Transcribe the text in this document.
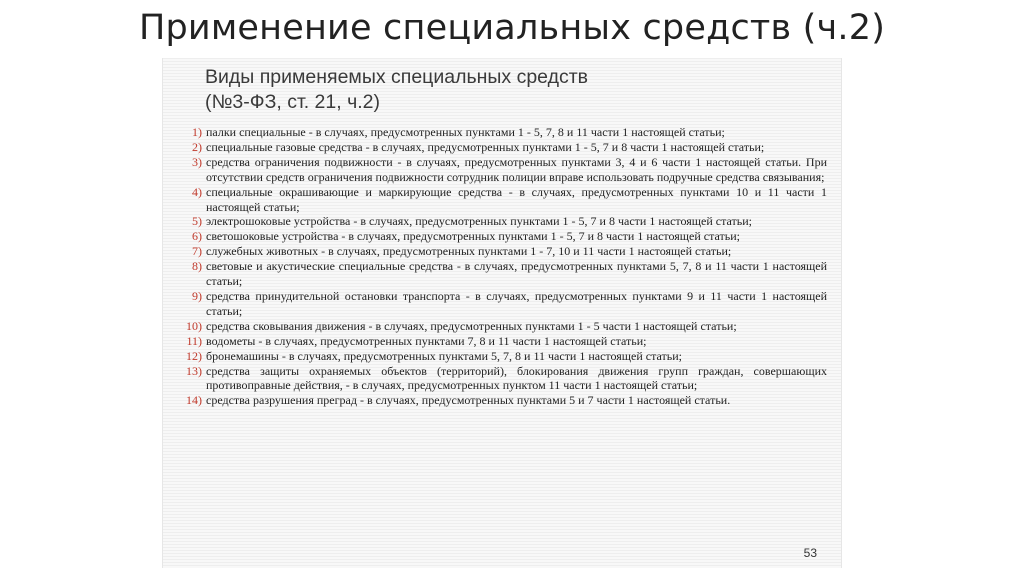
Применение специальных средств (ч.2)
Виды применяемых специальных средств
(№3-ФЗ, ст. 21, ч.2)
1) палки специальные - в случаях, предусмотренных пунктами 1 - 5, 7, 8 и 11 части 1 настоящей статьи;
2) специальные газовые средства - в случаях, предусмотренных пунктами 1 - 5, 7 и 8 части 1 настоящей статьи;
3) средства ограничения подвижности - в случаях, предусмотренных пунктами 3, 4 и 6 части 1 настоящей статьи. При отсутствии средств ограничения подвижности сотрудник полиции вправе использовать подручные средства связывания;
4) специальные окрашивающие и маркирующие средства - в случаях, предусмотренных пунктами 10 и 11 части 1 настоящей статьи;
5) электрошоковые устройства - в случаях, предусмотренных пунктами 1 - 5, 7 и 8 части 1 настоящей статьи;
6) светошоковые устройства - в случаях, предусмотренных пунктами 1 - 5, 7 и 8 части 1 настоящей статьи;
7) служебных животных - в случаях, предусмотренных пунктами 1 - 7, 10 и 11 части 1 настоящей статьи;
8) световые и акустические специальные средства - в случаях, предусмотренных пунктами 5, 7, 8 и 11 части 1 настоящей статьи;
9) средства принудительной остановки транспорта - в случаях, предусмотренных пунктами 9 и 11 части 1 настоящей статьи;
10) средства сковывания движения - в случаях, предусмотренных пунктами 1 - 5 части 1 настоящей статьи;
11) водометы - в случаях, предусмотренных пунктами 7, 8 и 11 части 1 настоящей статьи;
12) бронемашины - в случаях, предусмотренных пунктами 5, 7, 8 и 11 части 1 настоящей статьи;
13) средства защиты охраняемых объектов (территорий), блокирования движения групп граждан, совершающих противоправные действия, - в случаях, предусмотренных пунктом 11 части 1 настоящей статьи;
14) средства разрушения преград - в случаях, предусмотренных пунктами 5 и 7 части 1 настоящей статьи.
53
